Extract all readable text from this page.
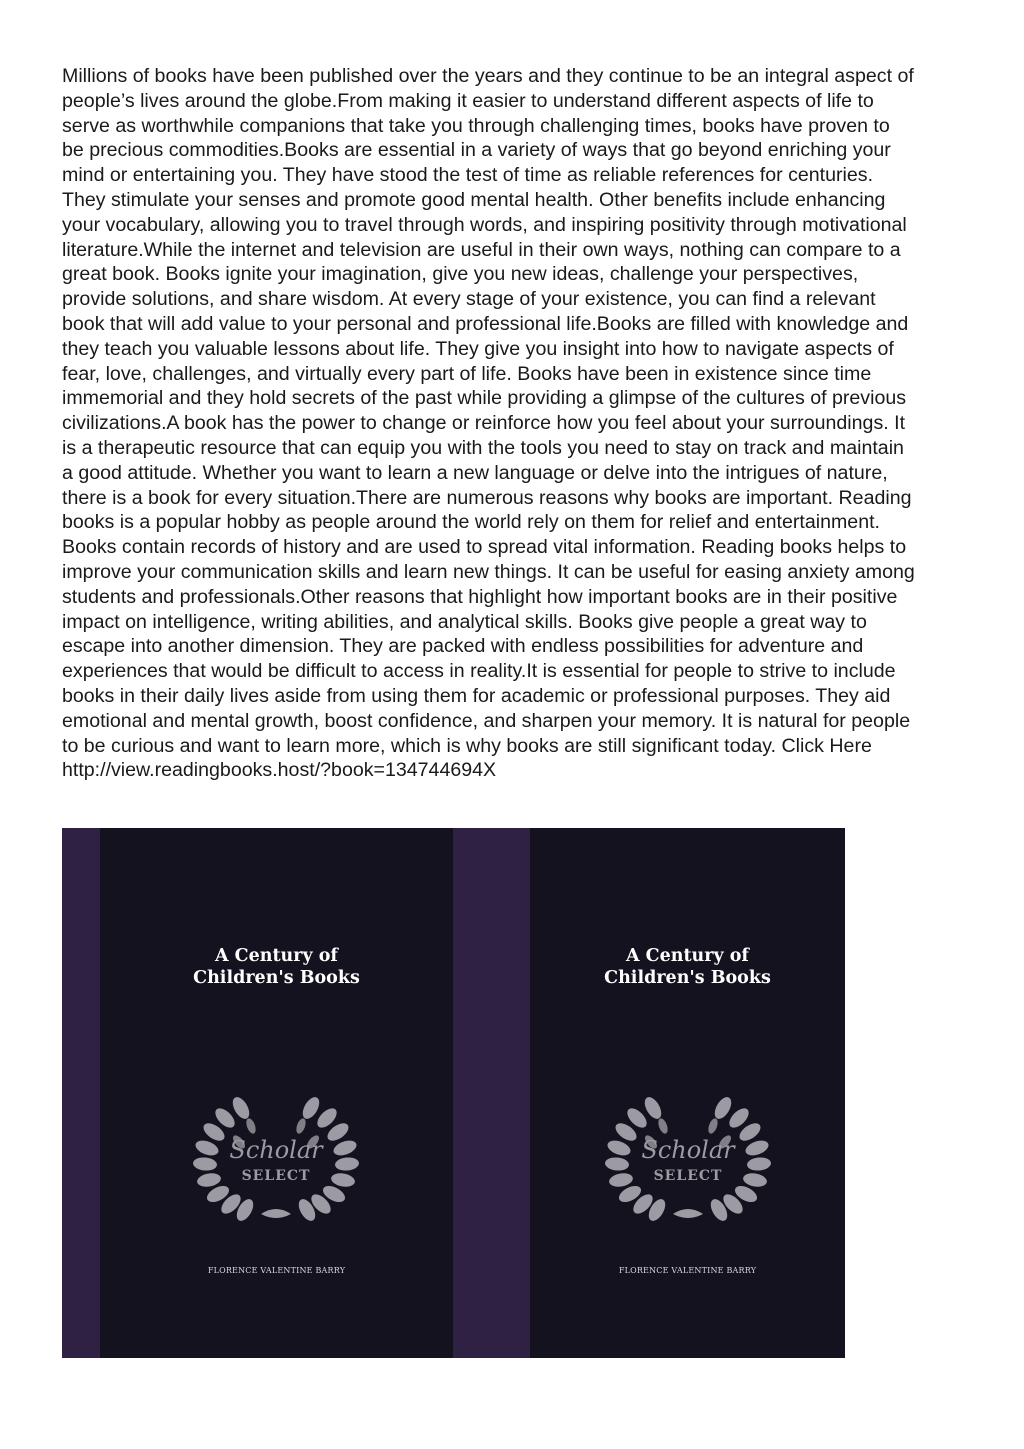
Millions of books have been published over the years and they continue to be an integral aspect of
people’s lives around the globe.From making it easier to understand different aspects of life to
serve as worthwhile companions that take you through challenging times, books have proven to
be precious commodities.Books are essential in a variety of ways that go beyond enriching your
mind or entertaining you. They have stood the test of time as reliable references for centuries.
They stimulate your senses and promote good mental health. Other benefits include enhancing
your vocabulary, allowing you to travel through words, and inspiring positivity through motivational
literature.While the internet and television are useful in their own ways, nothing can compare to a
great book. Books ignite your imagination, give you new ideas, challenge your perspectives,
provide solutions, and share wisdom. At every stage of your existence, you can find a relevant
book that will add value to your personal and professional life.Books are filled with knowledge and
they teach you valuable lessons about life. They give you insight into how to navigate aspects of
fear, love, challenges, and virtually every part of life. Books have been in existence since time
immemorial and they hold secrets of the past while providing a glimpse of the cultures of previous
civilizations.A book has the power to change or reinforce how you feel about your surroundings. It
is a therapeutic resource that can equip you with the tools you need to stay on track and maintain
a good attitude. Whether you want to learn a new language or delve into the intrigues of nature,
there is a book for every situation.There are numerous reasons why books are important. Reading
books is a popular hobby as people around the world rely on them for relief and entertainment.
Books contain records of history and are used to spread vital information. Reading books helps to
improve your communication skills and learn new things. It can be useful for easing anxiety among
students and professionals.Other reasons that highlight how important books are in their positive
impact on intelligence, writing abilities, and analytical skills. Books give people a great way to
escape into another dimension. They are packed with endless possibilities for adventure and
experiences that would be difficult to access in reality.It is essential for people to strive to include
books in their daily lives aside from using them for academic or professional purposes. They aid
emotional and mental growth, boost confidence, and sharpen your memory. It is natural for people
to be curious and want to learn more, which is why books are still significant today. Click Here
http://view.readingbooks.host/?book=134744694X

A Century of
Children's Books

Scholar
SELECT

FLORENCE VALENTINE BARRY

A Century of
Children's Books

Scholar
SELECT

FLORENCE VALENTINE BARRY
